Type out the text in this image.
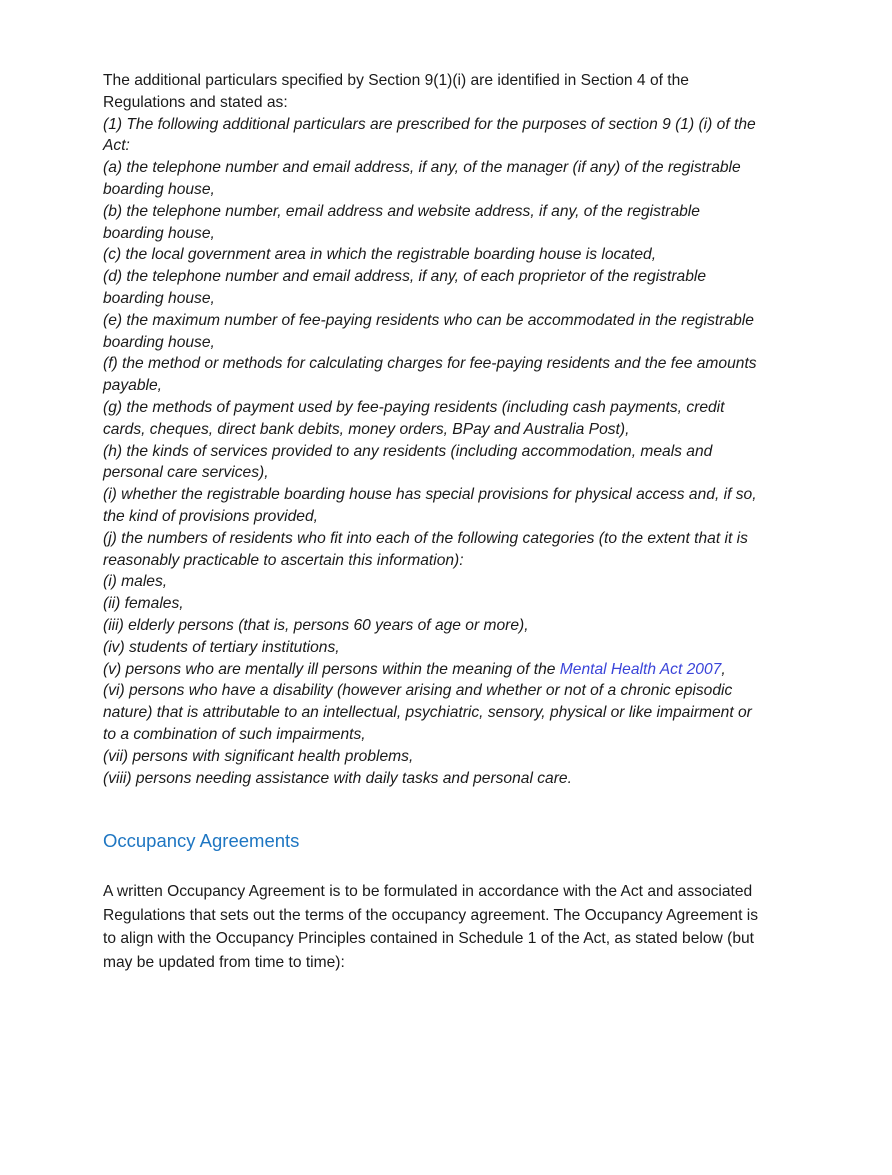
The additional particulars specified by Section 9(1)(i) are identified in Section 4 of the Regulations and stated as:

(1) The following additional particulars are prescribed for the purposes of section 9 (1) (i) of the Act:
(a) the telephone number and email address, if any, of the manager (if any) of the registrable boarding house,
(b) the telephone number, email address and website address, if any, of the registrable boarding house,
(c) the local government area in which the registrable boarding house is located,
(d) the telephone number and email address, if any, of each proprietor of the registrable boarding house,
(e) the maximum number of fee-paying residents who can be accommodated in the registrable boarding house,
(f) the method or methods for calculating charges for fee-paying residents and the fee amounts payable,
(g) the methods of payment used by fee-paying residents (including cash payments, credit cards, cheques, direct bank debits, money orders, BPay and Australia Post),
(h) the kinds of services provided to any residents (including accommodation, meals and personal care services),
(i) whether the registrable boarding house has special provisions for physical access and, if so, the kind of provisions provided,
(j) the numbers of residents who fit into each of the following categories (to the extent that it is reasonably practicable to ascertain this information):
(i) males,
(ii) females,
(iii) elderly persons (that is, persons 60 years of age or more),
(iv) students of tertiary institutions,
(v) persons who are mentally ill persons within the meaning of the Mental Health Act 2007,
(vi) persons who have a disability (however arising and whether or not of a chronic episodic nature) that is attributable to an intellectual, psychiatric, sensory, physical or like impairment or to a combination of such impairments,
(vii) persons with significant health problems,
(viii) persons needing assistance with daily tasks and personal care.
Occupancy Agreements

A written Occupancy Agreement is to be formulated in accordance with the Act and associated Regulations that sets out the terms of the occupancy agreement. The Occupancy Agreement is to align with the Occupancy Principles contained in Schedule 1 of the Act, as stated below (but may be updated from time to time):
